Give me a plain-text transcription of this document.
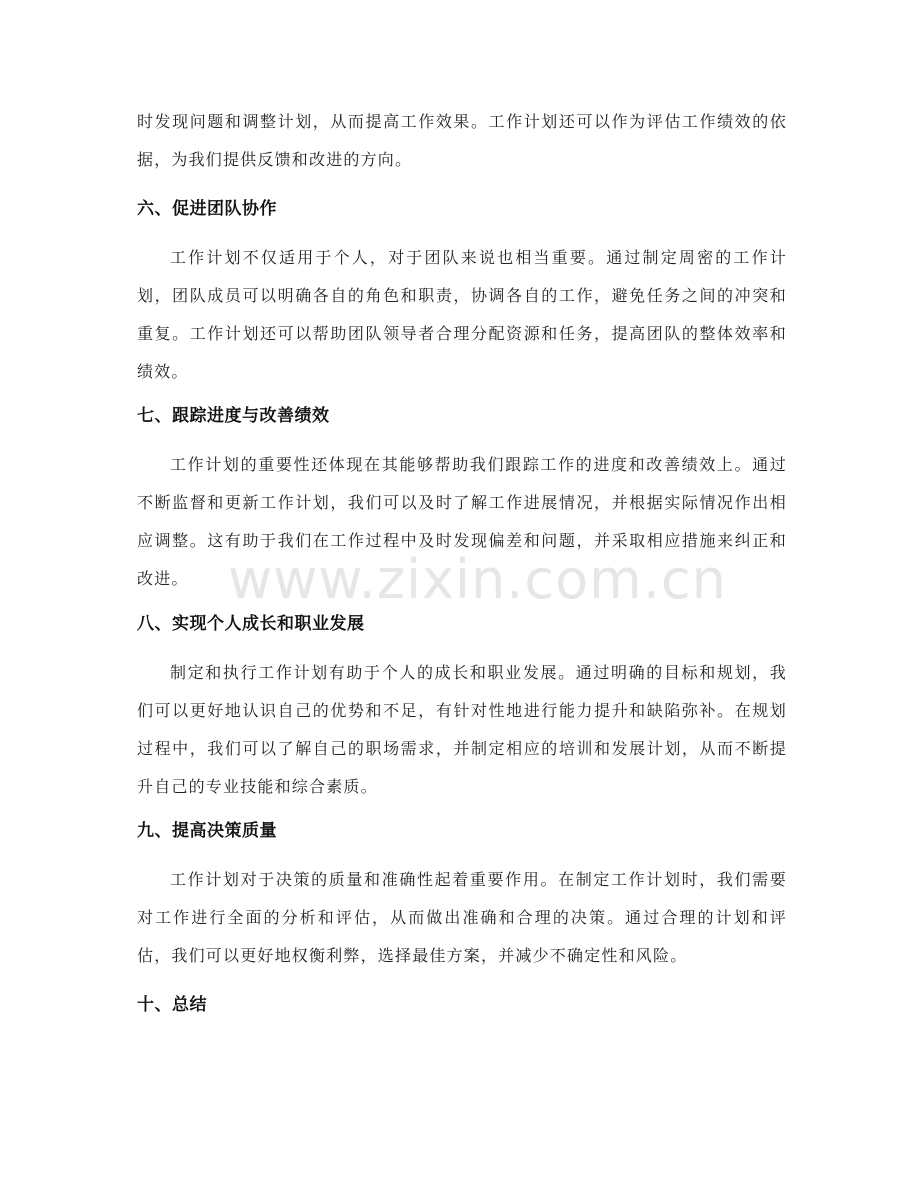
时发现问题和调整计划，从而提高工作效果。工作计划还可以作为评估工作绩效的依据，为我们提供反馈和改进的方向。

六、促进团队协作

工作计划不仅适用于个人，对于团队来说也相当重要。通过制定周密的工作计划，团队成员可以明确各自的角色和职责，协调各自的工作，避免任务之间的冲突和重复。工作计划还可以帮助团队领导者合理分配资源和任务，提高团队的整体效率和绩效。

七、跟踪进度与改善绩效

工作计划的重要性还体现在其能够帮助我们跟踪工作的进度和改善绩效上。通过不断监督和更新工作计划，我们可以及时了解工作进展情况，并根据实际情况作出相应调整。这有助于我们在工作过程中及时发现偏差和问题，并采取相应措施来纠正和改进。

八、实现个人成长和职业发展

制定和执行工作计划有助于个人的成长和职业发展。通过明确的目标和规划，我们可以更好地认识自己的优势和不足，有针对性地进行能力提升和缺陷弥补。在规划过程中，我们可以了解自己的职场需求，并制定相应的培训和发展计划，从而不断提升自己的专业技能和综合素质。

九、提高决策质量

工作计划对于决策的质量和准确性起着重要作用。在制定工作计划时，我们需要对工作进行全面的分析和评估，从而做出准确和合理的决策。通过合理的计划和评估，我们可以更好地权衡利弊，选择最佳方案，并减少不确定性和风险。

十、总结
www.zixin.com.cn
